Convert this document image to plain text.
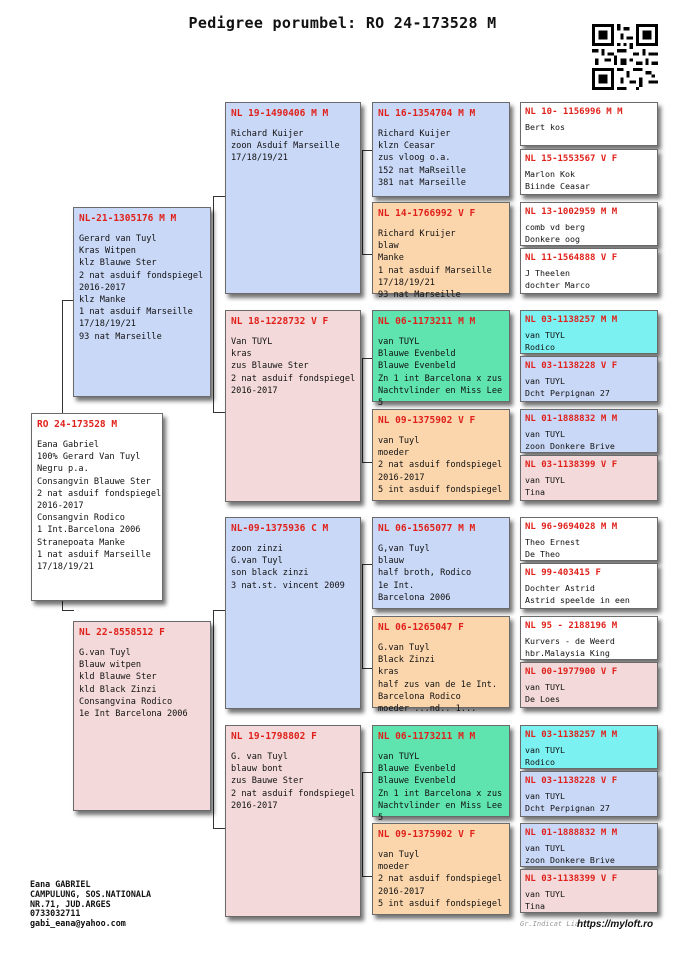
Pedigree porumbel: RO 24-173528 M
RO 24-173528 M
Eana Gabriel
100% Gerard Van Tuyl
Negru p.a.
Consangvin Blauwe Ster
2 nat asduif fondspiegel
2016-2017
Consangvin Rodico
1 Int.Barcelona 2006
Stranepoata Manke
1 nat asduif Marseille
17/18/19/21
NL-21-1305176 M M
Gerard van Tuyl
Kras Witpen
klz Blauwe Ster
2 nat asduif fondspiegel
2016-2017
klz Manke
1 nat asduif Marseille
17/18/19/21
93 nat Marseille
NL 22-8558512 F
G.van Tuyl
Blauw witpen
kld Blauwe Ster
kld Black Zinzi
Consangvina Rodico
1e Int Barcelona 2006
NL 19-1490406 M M
Richard Kuijer
zoon Asduif Marseille
17/18/19/21
NL 18-1228732 V F
Van TUYL
kras
zus Blauwe Ster
2 nat asduif fondspiegel
2016-2017
NL-09-1375936 C M
zoon zinzi
G.van Tuyl
son black zinzi
3 nat.st. vincent 2009
NL 19-1798802 F
G. van Tuyl
blauw bont
zus Bauwe Ster
2 nat asduif fondspiegel
2016-2017
NL 16-1354704 M M
Richard Kuijer
klzn Ceasar
zus vloog o.a.
152 nat MaRseille
381 nat Marseille
NL 14-1766992 V F
Richard Kruijer
blaw
Manke
1 nat asduif Marseille
17/18/19/21
93 nat Marseille
NL 06-1173211 M M
van TUYL
Blauwe Evenbeld
Blauwe Evenbeld
Zn 1 int Barcelona x zus
Nachtvlinder en Miss Lee
5
NL 09-1375902 V F
van Tuyl
moeder
2 nat asduif fondspiegel
2016-2017
5 int asduif fondspiegel
NL 06-1565077 M M
G,van Tuyl
blauw
half broth, Rodico
1e Int.
Barcelona 2006
NL 06-1265047 F
G.van Tuyl
Black Zinzi
kras
half zus van de 1e Int.
Barcelona Rodico
moeder ...nd.. 1...
NL 06-1173211 M M
van TUYL
Blauwe Evenbeld
Blauwe Evenbeld
Zn 1 int Barcelona x zus
Nachtvlinder en Miss Lee
5
NL 09-1375902 V F
van Tuyl
moeder
2 nat asduif fondspiegel
2016-2017
5 int asduif fondspiegel
NL 10- 1156996 M M
Bert kos
NL 15-1553567 V F
Marlon Kok
Biinde Ceasar
NL 13-1002959 M M
comb vd berg
Donkere oog
NL 11-1564888 V F
J Theelen
dochter Marco
NL 03-1138257 M M
van TUYL
Rodico
NL 03-1138228 V F
van TUYL
Dcht Perpignan 27
NL 01-1888832 M M
van TUYL
zoon Donkere Brive
NL 03-1138399 V F
van TUYL
Tina
NL 96-9694028 M M
Theo Ernest
De Theo
NL 99-403415 F
Dochter Astrid
Astrid speelde in een
NL 95 - 2188196 M
Kurvers - de Weerd
hbr.Malaysia King
NL 00-1977900 V F
van TUYL
De Loes
NL 03-1138257 M M
van TUYL
Rodico
NL 03-1138228 V F
van TUYL
Dcht Perpignan 27
NL 01-1888832 M M
van TUYL
zoon Donkere Brive
NL 03-1138399 V F
van TUYL
Tina
Eana GABRIEL
CAMPULUNG, SOS.NATIONALA
NR.71, JUD.ARGES
0733032711
gabi_eana@yahoo.com	Gr.Indicat Lia
https://myloft.ro
